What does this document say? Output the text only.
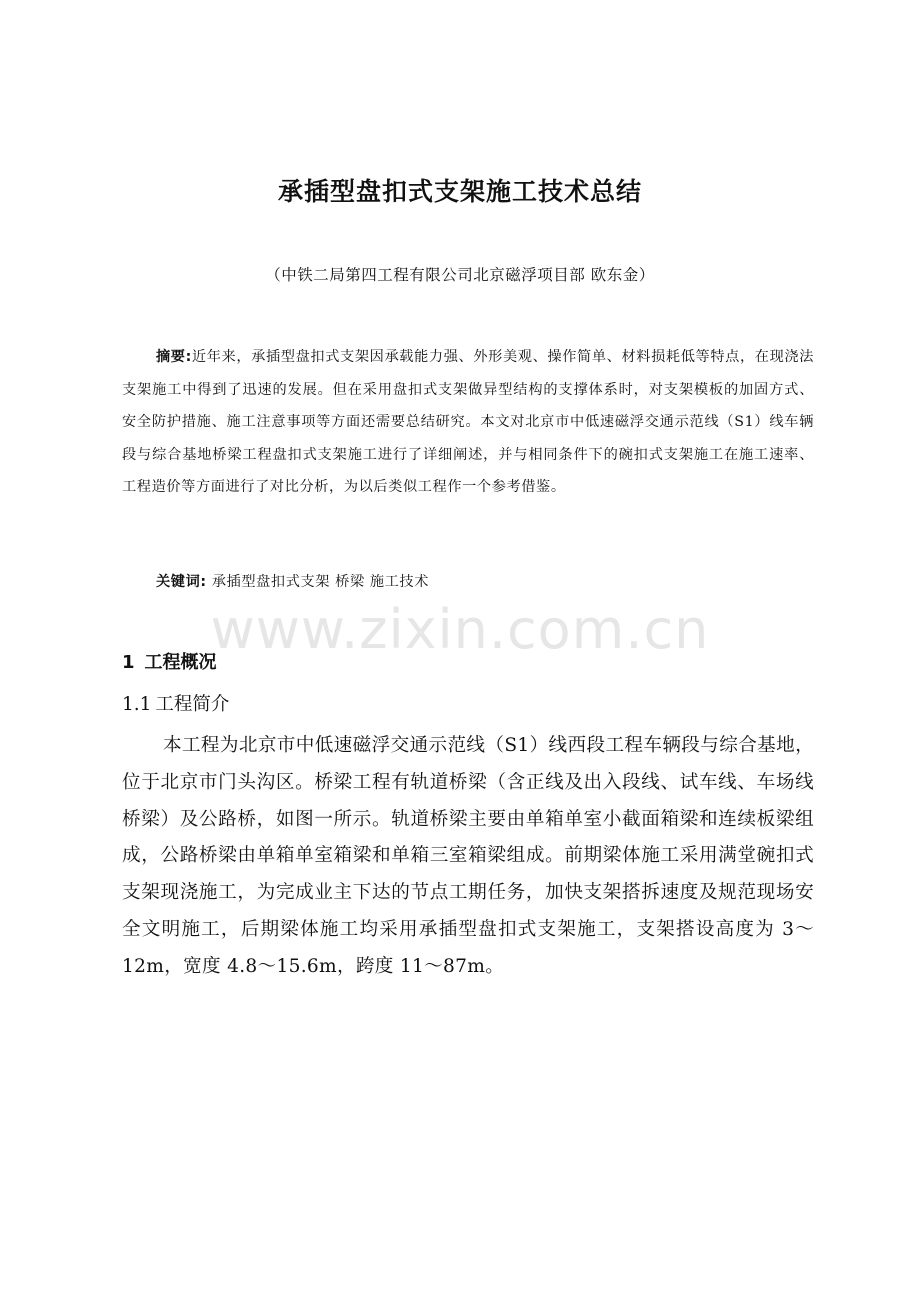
承插型盘扣式支架施工技术总结
（中铁二局第四工程有限公司北京磁浮项目部 欧东金）
摘要:近年来，承插型盘扣式支架因承载能力强、外形美观、操作简单、材料损耗低等特点，在现浇法支架施工中得到了迅速的发展。但在采用盘扣式支架做异型结构的支撑体系时，对支架模板的加固方式、安全防护措施、施工注意事项等方面还需要总结研究。本文对北京市中低速磁浮交通示范线（S1）线车辆段与综合基地桥梁工程盘扣式支架施工进行了详细阐述，并与相同条件下的碗扣式支架施工在施工速率、工程造价等方面进行了对比分析，为以后类似工程作一个参考借鉴。
关键词: 承插型盘扣式支架 桥梁 施工技术
www.zixin.com.cn
1 工程概况
1.1 工程简介
本工程为北京市中低速磁浮交通示范线（S1）线西段工程车辆段与综合基地，位于北京市门头沟区。桥梁工程有轨道桥梁（含正线及出入段线、试车线、车场线桥梁）及公路桥，如图一所示。轨道桥梁主要由单箱单室小截面箱梁和连续板梁组成，公路桥梁由单箱单室箱梁和单箱三室箱梁组成。前期梁体施工采用满堂碗扣式支架现浇施工，为完成业主下达的节点工期任务，加快支架搭拆速度及规范现场安全文明施工，后期梁体施工均采用承插型盘扣式支架施工，支架搭设高度为 3～12m，宽度 4.8～15.6m，跨度 11～87m。
